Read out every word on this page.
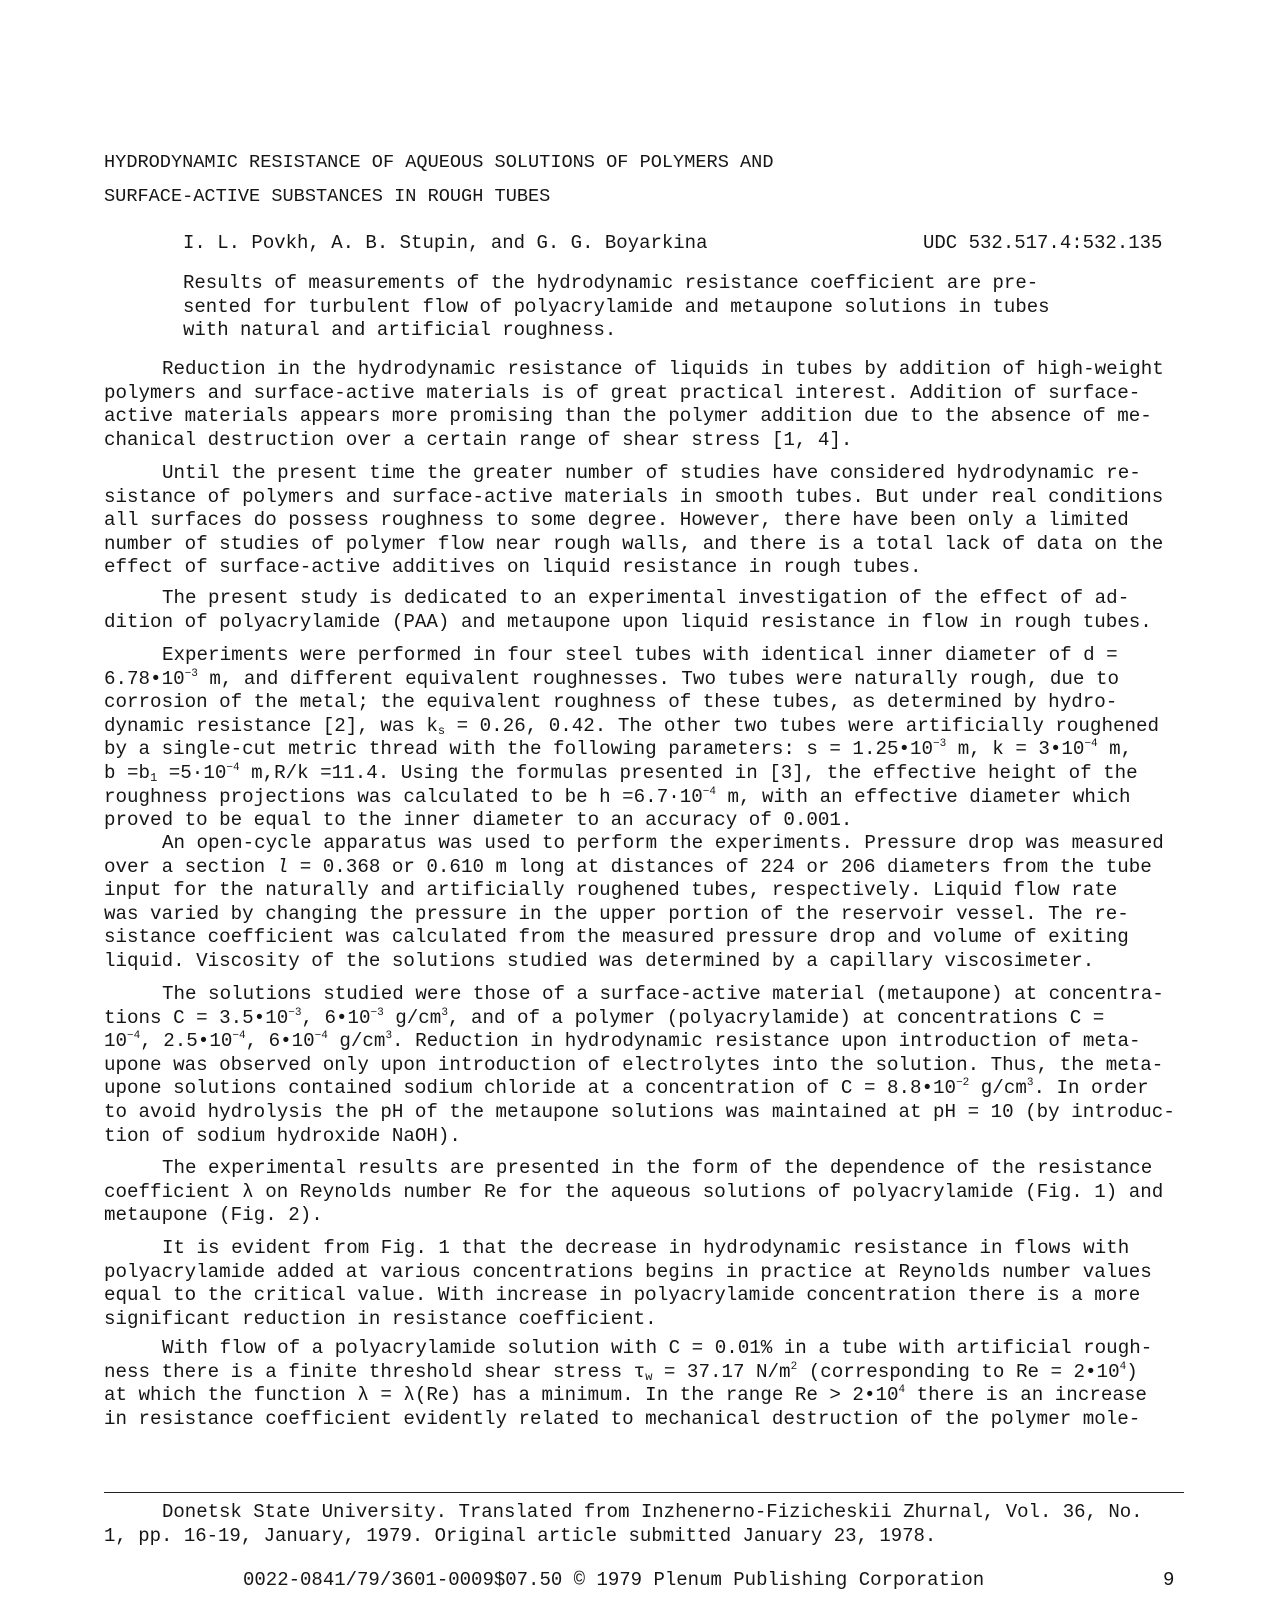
HYDRODYNAMIC RESISTANCE OF AQUEOUS SOLUTIONS OF POLYMERS AND
SURFACE-ACTIVE SUBSTANCES IN ROUGH TUBES
I. L. Povkh, A. B. Stupin, and G. G. Boyarkina	UDC 532.517.4:532.135
Results of measurements of the hydrodynamic resistance coefficient are pre-
sented for turbulent flow of polyacrylamide and metaupone solutions in tubes
with natural and artificial roughness.
Reduction in the hydrodynamic resistance of liquids in tubes by addition of high-weight
polymers and surface-active materials is of great practical interest. Addition of surface-
active materials appears more promising than the polymer addition due to the absence of me-
chanical destruction over a certain range of shear stress [1, 4].
Until the present time the greater number of studies have considered hydrodynamic re-
sistance of polymers and surface-active materials in smooth tubes. But under real conditions
all surfaces do possess roughness to some degree. However, there have been only a limited
number of studies of polymer flow near rough walls, and there is a total lack of data on the
effect of surface-active additives on liquid resistance in rough tubes.
The present study is dedicated to an experimental investigation of the effect of ad-
dition of polyacrylamide (PAA) and metaupone upon liquid resistance in flow in rough tubes.
Experiments were performed in four steel tubes with identical inner diameter of d =
$6.78•10^{-3}$ m, and different equivalent roughnesses. Two tubes were naturally rough, due to
corrosion of the metal; the equivalent roughness of these tubes, as determined by hydro-
dynamic resistance [2], was $k_s = 0.26$, 0.42. The other two tubes were artificially roughened
by a single-cut metric thread with the following parameters: $s = 1.25•10^{-3}$ m, $k = 3•10^{-4}$ m,
$b =b_1 =5\cdot 10^{-4}$ m,R/k =11.4. Using the formulas presented in [3], the effective height of the
roughness projections was calculated to be $h =6.7\cdot 10^{-4}$ m, with an effective diameter which
proved to be equal to the inner diameter to an accuracy of 0.001.
An open-cycle apparatus was used to perform the experiments. Pressure drop was measured
over a section l = 0.368 or 0.610 m long at distances of 224 or 206 diameters from the tube
input for the naturally and artificially roughened tubes, respectively. Liquid flow rate
was varied by changing the pressure in the upper portion of the reservoir vessel. The re-
sistance coefficient was calculated from the measured pressure drop and volume of exiting
liquid. Viscosity of the solutions studied was determined by a capillary viscosimeter.
The solutions studied were those of a surface-active material (metaupone) at concentra-
tions $C = 3.5•10^{-3}$, $6•10^{-3}$ $g/cm^3$, and of a polymer (polyacrylamide) at concentrations C =
$10^{-4}$, $2.5•10^{-4}$, $6•10^{-4}$ $g/cm^3$. Reduction in hydrodynamic resistance upon introduction of meta-
upone was observed only upon introduction of electrolytes into the solution. Thus, the meta-
upone solutions contained sodium chloride at a concentration of $C = 8.8•10^{-2}$ $g/cm^3$. In order
to avoid hydrolysis the pH of the metaupone solutions was maintained at pH = 10 (by introduc-
tion of sodium hydroxide NaOH).
The experimental results are presented in the form of the dependence of the resistance
coefficient λ on Reynolds number Re for the aqueous solutions of polyacrylamide (Fig. 1) and
metaupone (Fig. 2).
It is evident from Fig. 1 that the decrease in hydrodynamic resistance in flows with
polyacrylamide added at various concentrations begins in practice at Reynolds number values
equal to the critical value. With increase in polyacrylamide concentration there is a more
significant reduction in resistance coefficient.
With flow of a polyacrylamide solution with C = 0.01% in a tube with artificial rough-
ness there is a finite threshold shear stress $\tau_w = 37.17$ $N/m^2$ (corresponding to $Re = 2•10^4$)
at which the function λ = λ(Re) has a minimum. In the range $Re > 2•10^4$ there is an increase
in resistance coefficient evidently related to mechanical destruction of the polymer mole-
Donetsk State University. Translated from Inzhenerno-Fizicheskii Zhurnal, Vol. 36, No.
1, pp. 16-19, January, 1979. Original article submitted January 23, 1978.
0022-0841/79/3601-0009$07.50 © 1979 Plenum Publishing Corporation	9
